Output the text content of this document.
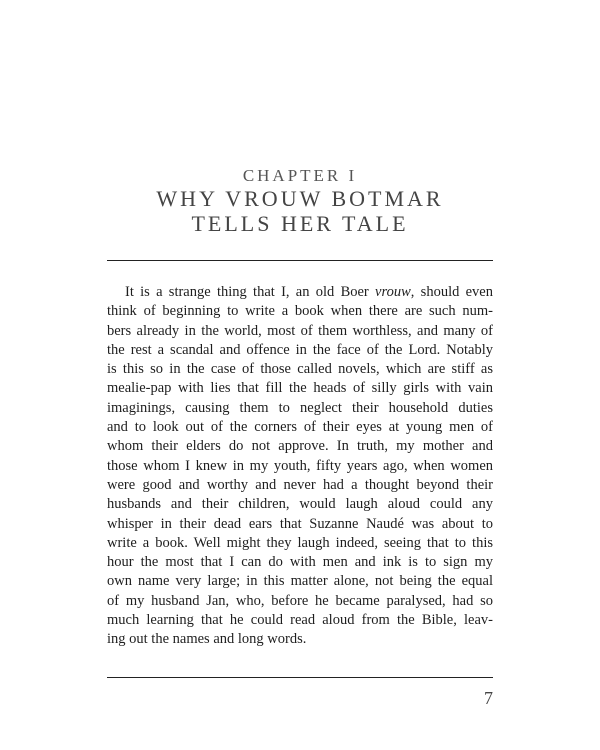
CHAPTER I
WHY VROUW BOTMAR
TELLS HER TALE
It is a strange thing that I, an old Boer vrouw, should even
think of beginning to write a book when there are such num-
bers already in the world, most of them worthless, and many of
the rest a scandal and offence in the face of the Lord. Notably
is this so in the case of those called novels, which are stiff as
mealie-pap with lies that fill the heads of silly girls with vain
imaginings, causing them to neglect their household duties
and to look out of the corners of their eyes at young men of
whom their elders do not approve. In truth, my mother and
those whom I knew in my youth, fifty years ago, when women
were good and worthy and never had a thought beyond their
husbands and their children, would laugh aloud could any
whisper in their dead ears that Suzanne Naudé was about to
write a book. Well might they laugh indeed, seeing that to this
hour the most that I can do with men and ink is to sign my
own name very large; in this matter alone, not being the equal
of my husband Jan, who, before he became paralysed, had so
much learning that he could read aloud from the Bible, leav-
ing out the names and long words.
7
